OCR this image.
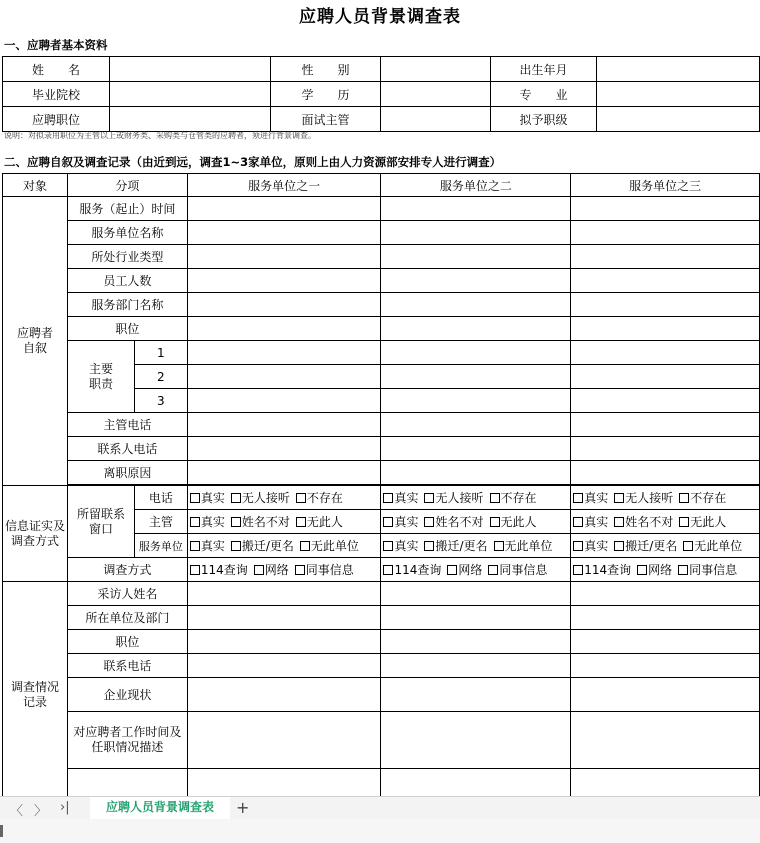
应聘人员背景调查表
一、应聘者基本资料
姓　　名		性　　别		出生年月	
毕业院校		学　　历		专　　业	
应聘职位		面试主管		拟予职级	
说明：对拟录用职位为主管以上或财务类、采购类与仓管类的应聘者，须进行背景调查。
二、应聘自叙及调查记录（由近到远，调查1~3家单位，原则上由人力资源部安排专人进行调查）
对象	分项		服务单位之一	服务单位之二	服务单位之三

应聘者自叙	服务（起止）时间				
	服务单位名称				
	所处行业类型				
	员工人数				
	服务部门名称				
	职位				

	主要职责	1			
		2			
		3			
	主管电话				
	联系人电话				
	离职原因				

信息证实及调查方式	所留联系窗口	电话	真实 无人接听 不存在	真实 无人接听 不存在	真实 无人接听 不存在
		主管	真实 姓名不对 无此人	真实 姓名不对 无此人	真实 姓名不对 无此人
		服务单位	真实 搬迁/更名 无此单位	真实 搬迁/更名 无此单位	真实 搬迁/更名 无此单位
	调查方式		114查询 网络 同事信息	114查询 网络 同事信息	114查询 网络 同事信息

调查情况记录	采访人姓名				
	所在单位及部门				
	职位				
	联系电话				
	企业现状				

	对应聘者工作时间及任职情况描述				

〈 〉 ›|	应聘人员背景调查表	+
